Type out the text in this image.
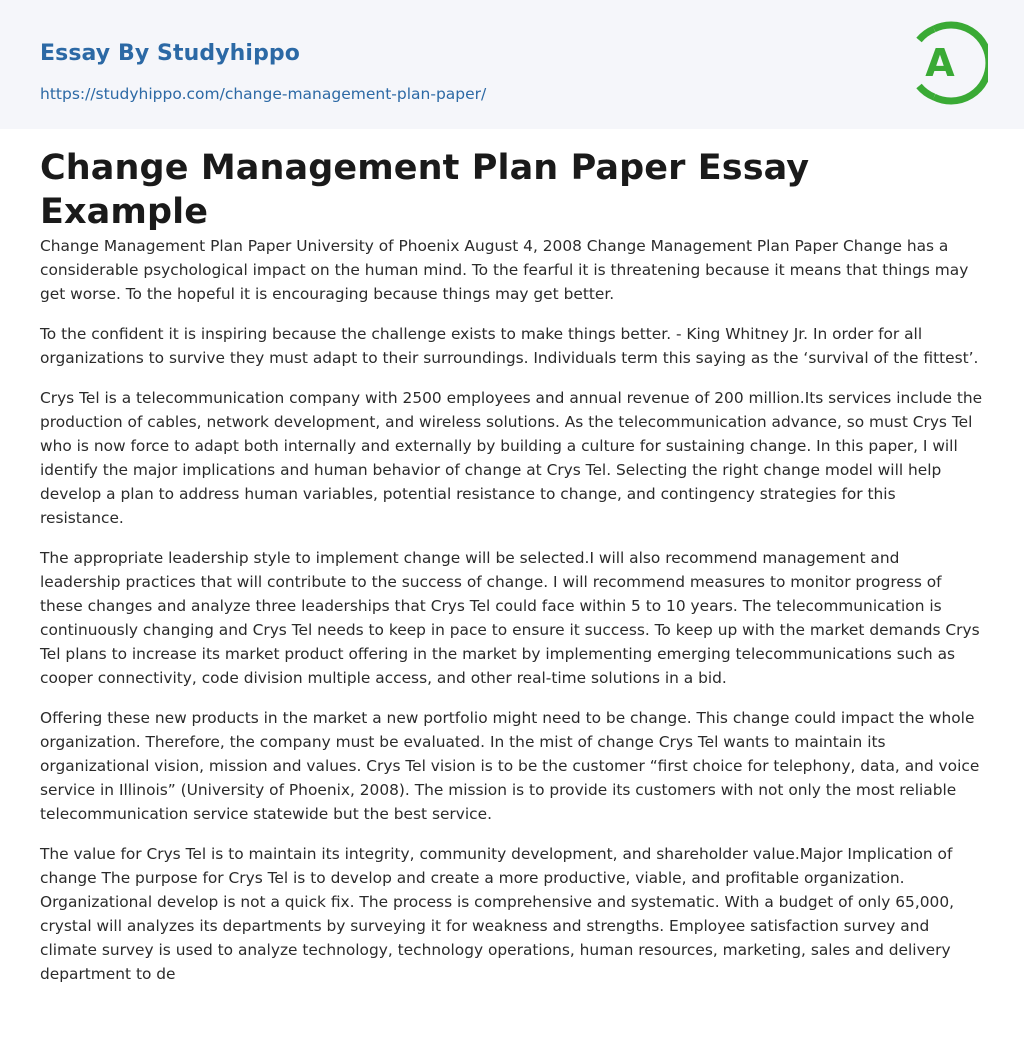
Essay By Studyhippo
https://studyhippo.com/change-management-plan-paper/
A
Change Management Plan Paper Essay Example

Change Management Plan Paper University of Phoenix August 4, 2008 Change Management Plan Paper Change has a considerable psychological impact on the human mind. To the fearful it is threatening because it means that things may get worse. To the hopeful it is encouraging because things may get better.

To the confident it is inspiring because the challenge exists to make things better. - King Whitney Jr. In order for all organizations to survive they must adapt to their surroundings. Individuals term this saying as the ‘survival of the fittest’.

Crys Tel is a telecommunication company with 2500 employees and annual revenue of 200 million.Its services include the production of cables, network development, and wireless solutions. As the telecommunication advance, so must Crys Tel who is now force to adapt both internally and externally by building a culture for sustaining change. In this paper, I will identify the major implications and human behavior of change at Crys Tel. Selecting the right change model will help develop a plan to address human variables, potential resistance to change, and contingency strategies for this resistance.

The appropriate leadership style to implement change will be selected.I will also recommend management and leadership practices that will contribute to the success of change. I will recommend measures to monitor progress of these changes and analyze three leaderships that Crys Tel could face within 5 to 10 years. The telecommunication is continuously changing and Crys Tel needs to keep in pace to ensure it success. To keep up with the market demands Crys Tel plans to increase its market product offering in the market by implementing emerging telecommunications such as cooper connectivity, code division multiple access, and other real-time solutions in a bid.

Offering these new products in the market a new portfolio might need to be change. This change could impact the whole organization. Therefore, the company must be evaluated. In the mist of change Crys Tel wants to maintain its organizational vision, mission and values. Crys Tel vision is to be the customer “first choice for telephony, data, and voice service in Illinois” (University of Phoenix, 2008). The mission is to provide its customers with not only the most reliable telecommunication service statewide but the best service.

The value for Crys Tel is to maintain its integrity, community development, and shareholder value.Major Implication of change The purpose for Crys Tel is to develop and create a more productive, viable, and profitable organization. Organizational develop is not a quick fix. The process is comprehensive and systematic. With a budget of only 65,000, crystal will analyzes its departments by surveying it for weakness and strengths. Employee satisfaction survey and climate survey is used to analyze technology, technology operations, human resources, marketing, sales and delivery department to de
